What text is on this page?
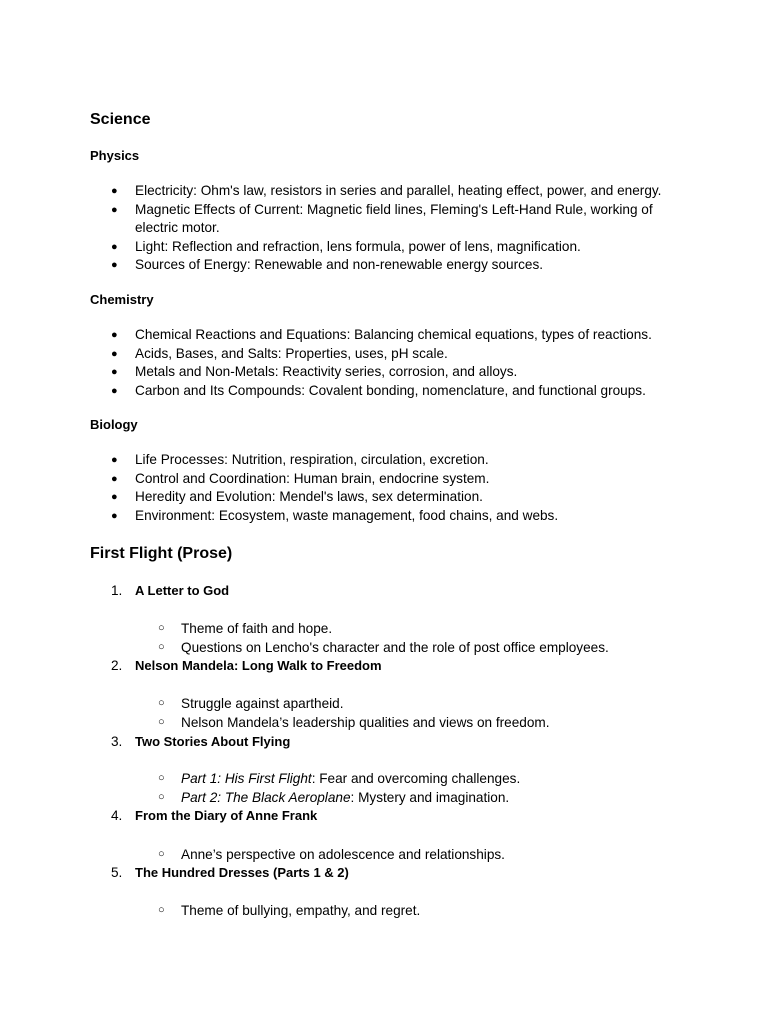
Science
Physics
● Electricity: Ohm's law, resistors in series and parallel, heating effect, power, and energy.
● Magnetic Effects of Current: Magnetic field lines, Fleming's Left-Hand Rule, working of electric motor.
● Light: Reflection and refraction, lens formula, power of lens, magnification.
● Sources of Energy: Renewable and non-renewable energy sources.
Chemistry
● Chemical Reactions and Equations: Balancing chemical equations, types of reactions.
● Acids, Bases, and Salts: Properties, uses, pH scale.
● Metals and Non-Metals: Reactivity series, corrosion, and alloys.
● Carbon and Its Compounds: Covalent bonding, nomenclature, and functional groups.
Biology
● Life Processes: Nutrition, respiration, circulation, excretion.
● Control and Coordination: Human brain, endocrine system.
● Heredity and Evolution: Mendel's laws, sex determination.
● Environment: Ecosystem, waste management, food chains, and webs.
First Flight (Prose)
1. A Letter to God
○ Theme of faith and hope.
○ Questions on Lencho's character and the role of post office employees.
2. Nelson Mandela: Long Walk to Freedom
○ Struggle against apartheid.
○ Nelson Mandela’s leadership qualities and views on freedom.
3. Two Stories About Flying
○ Part 1: His First Flight: Fear and overcoming challenges.
○ Part 2: The Black Aeroplane: Mystery and imagination.
4. From the Diary of Anne Frank
○ Anne’s perspective on adolescence and relationships.
5. The Hundred Dresses (Parts 1 & 2)
○ Theme of bullying, empathy, and regret.
